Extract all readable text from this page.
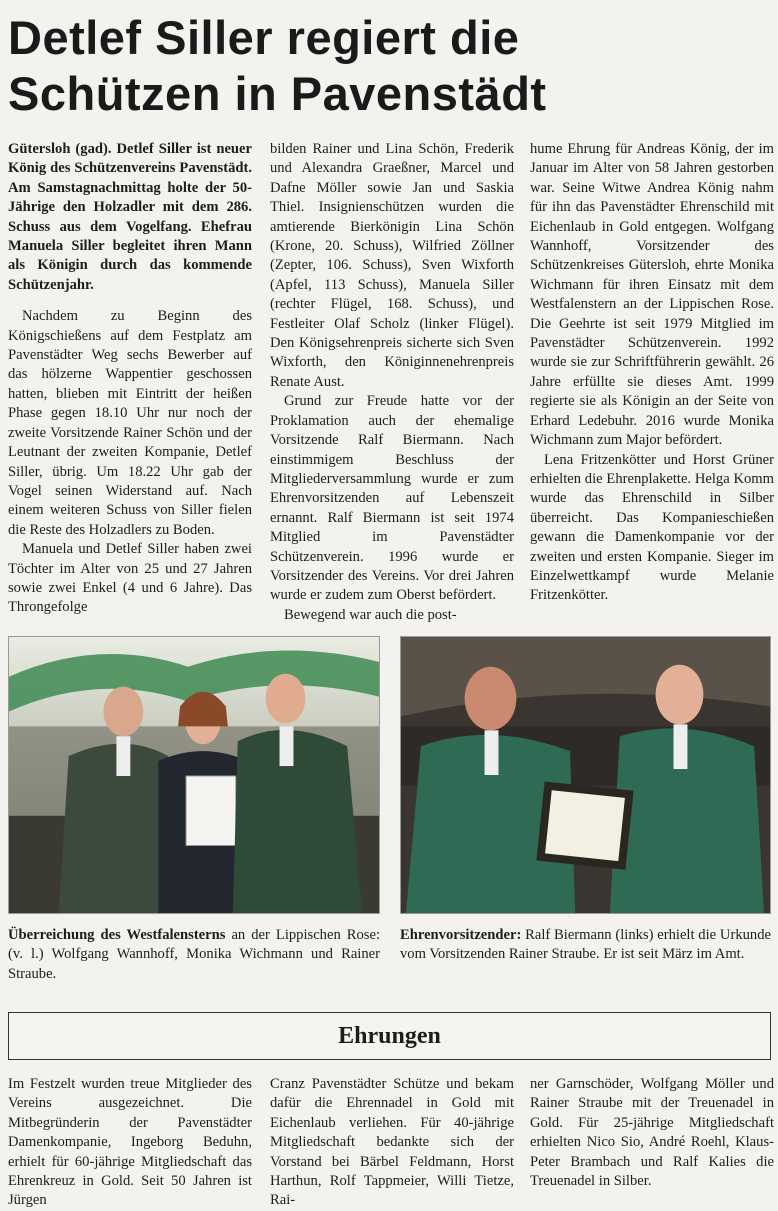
Detlef Siller regiert die
Schützen in Pavenstädt

Gütersloh (gad). Detlef Siller ist neuer König des Schützenvereins Pavenstädt. Am Samstagnachmittag holte der 50-Jährige den Holzadler mit dem 286. Schuss aus dem Vogelfang. Ehefrau Manuela Siller begleitet ihren Mann als Königin durch das kommende Schützenjahr.

Nachdem zu Beginn des Königschießens auf dem Festplatz am Pavenstädter Weg sechs Bewerber auf das hölzerne Wappentier geschossen hatten, blieben mit Eintritt der heißen Phase gegen 18.10 Uhr nur noch der zweite Vorsitzende Rainer Schön und der Leutnant der zweiten Kompanie, Detlef Siller, übrig. Um 18.22 Uhr gab der Vogel seinen Widerstand auf. Nach einem weiteren Schuss von Siller fielen die Reste des Holzadlers zu Boden.

Manuela und Detlef Siller haben zwei Töchter im Alter von 25 und 27 Jahren sowie zwei Enkel (4 und 6 Jahre). Das Throngefolge

bilden Rainer und Lina Schön, Frederik und Alexandra Graeßner, Marcel und Dafne Möller sowie Jan und Saskia Thiel. Insignienschützen wurden die amtierende Bierkönigin Lina Schön (Krone, 20. Schuss), Wilfried Zöllner (Zepter, 106. Schuss), Sven Wixforth (Apfel, 113 Schuss), Manuela Siller (rechter Flügel, 168. Schuss), und Festleiter Olaf Scholz (linker Flügel). Den Königsehrenpreis sicherte sich Sven Wixforth, den Königinnenehrenpreis Renate Aust.

Grund zur Freude hatte vor der Proklamation auch der ehemalige Vorsitzende Ralf Biermann. Nach einstimmigem Beschluss der Mitgliederversammlung wurde er zum Ehrenvorsitzenden auf Lebenszeit ernannt. Ralf Biermann ist seit 1974 Mitglied im Pavenstädter Schützenverein. 1996 wurde er Vorsitzender des Vereins. Vor drei Jahren wurde er zudem zum Oberst befördert.

Bewegend war auch die post-

hume Ehrung für Andreas König, der im Januar im Alter von 58 Jahren gestorben war. Seine Witwe Andrea König nahm für ihn das Pavenstädter Ehrenschild mit Eichenlaub in Gold entgegen. Wolfgang Wannhoff, Vorsitzender des Schützenkreises Gütersloh, ehrte Monika Wichmann für ihren Einsatz mit dem Westfalenstern an der Lippischen Rose. Die Geehrte ist seit 1979 Mitglied im Pavenstädter Schützenverein. 1992 wurde sie zur Schriftführerin gewählt. 26 Jahre erfüllte sie dieses Amt. 1999 regierte sie als Königin an der Seite von Erhard Ledebuhr. 2016 wurde Monika Wichmann zum Major befördert.

Lena Fritzenkötter und Horst Grüner erhielten die Ehrenplakette. Helga Komm wurde das Ehrenschild in Silber überreicht. Das Kompanieschießen gewann die Damenkompanie vor der zweiten und ersten Kompanie. Sieger im Einzelwettkampf wurde Melanie Fritzenkötter.

Überreichung des Westfalensterns an der Lippischen Rose: (v. l.) Wolfgang Wannhoff, Monika Wichmann und Rainer Straube.
Ehrenvorsitzender: Ralf Biermann (links) erhielt die Urkunde vom Vorsitzenden Rainer Straube. Er ist seit März im Amt.
Ehrungen
Im Festzelt wurden treue Mitglieder des Vereins ausgezeichnet. Die Mitbegründerin der Pavenstädter Damenkompanie, Ingeborg Beduhn, erhielt für 60-jährige Mitgliedschaft das Ehrenkreuz in Gold. Seit 50 Jahren ist Jürgen
Cranz Pavenstädter Schütze und bekam dafür die Ehrennadel in Gold mit Eichenlaub verliehen. Für 40-jährige Mitgliedschaft bedankte sich der Vorstand bei Bärbel Feldmann, Horst Harthun, Rolf Tappmeier, Willi Tietze, Rai-
ner Garnschöder, Wolfgang Möller und Rainer Straube mit der Treuenadel in Gold. Für 25-jährige Mitgliedschaft erhielten Nico Sio, André Roehl, Klaus-Peter Brambach und Ralf Kalies die Treuenadel in Silber.
